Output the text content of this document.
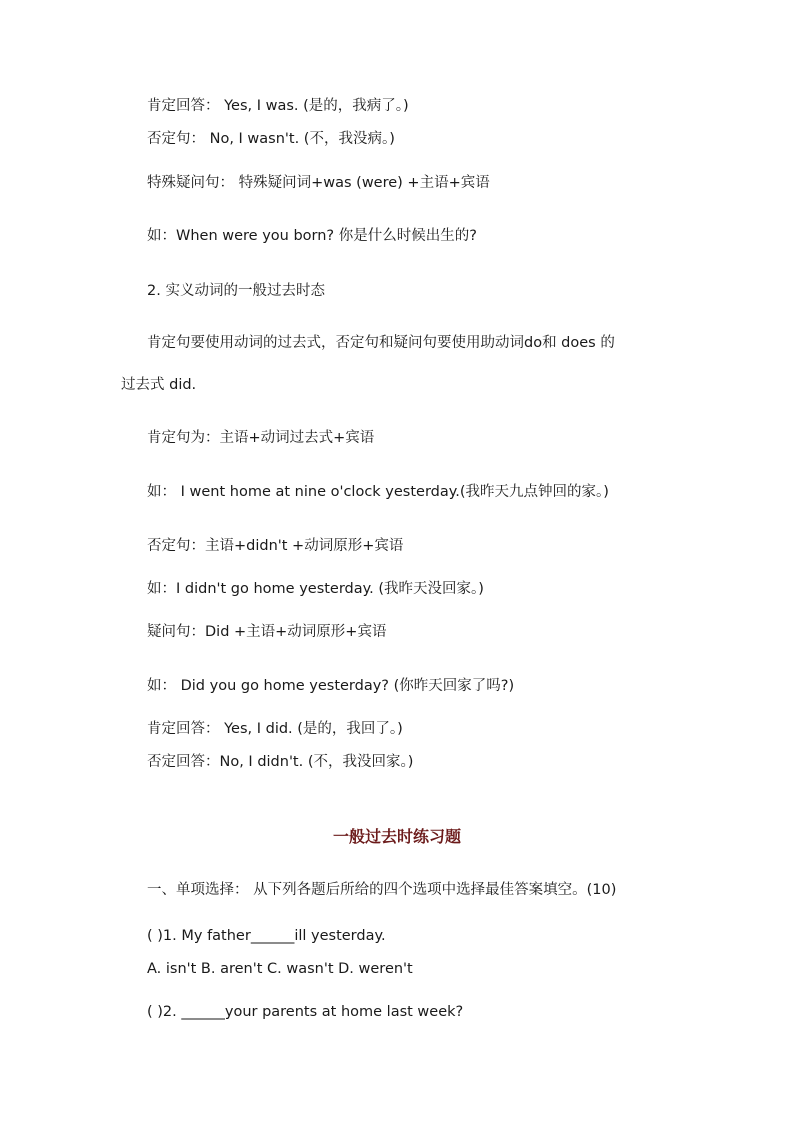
肯定回答： Yes, I was. (是的，我病了。)
否定句： No, I wasn't. (不，我没病。)
特殊疑问句： 特殊疑问词+was (were) +主语+宾语
如：When were you born? 你是什么时候出生的?
2. 实义动词的一般过去时态
肯定句要使用动词的过去式，否定句和疑问句要使用助动词do和 does 的
过去式 did.
肯定句为：主语+动词过去式+宾语
如： I went home at nine o'clock yesterday.(我昨天九点钟回的家。)
否定句：主语+didn't +动词原形+宾语
如：I didn't go home yesterday. (我昨天没回家。)
疑问句：Did +主语+动词原形+宾语
如： Did you go home yesterday? (你昨天回家了吗?)
肯定回答： Yes, I did. (是的，我回了。)
否定回答：No, I didn't. (不，我没回家。)
一般过去时练习题
一、单项选择： 从下列各题后所给的四个选项中选择最佳答案填空。(10)
( )1. My father______ill yesterday.
A. isn't B. aren't C. wasn't D. weren't
( )2. ______your parents at home last week?
